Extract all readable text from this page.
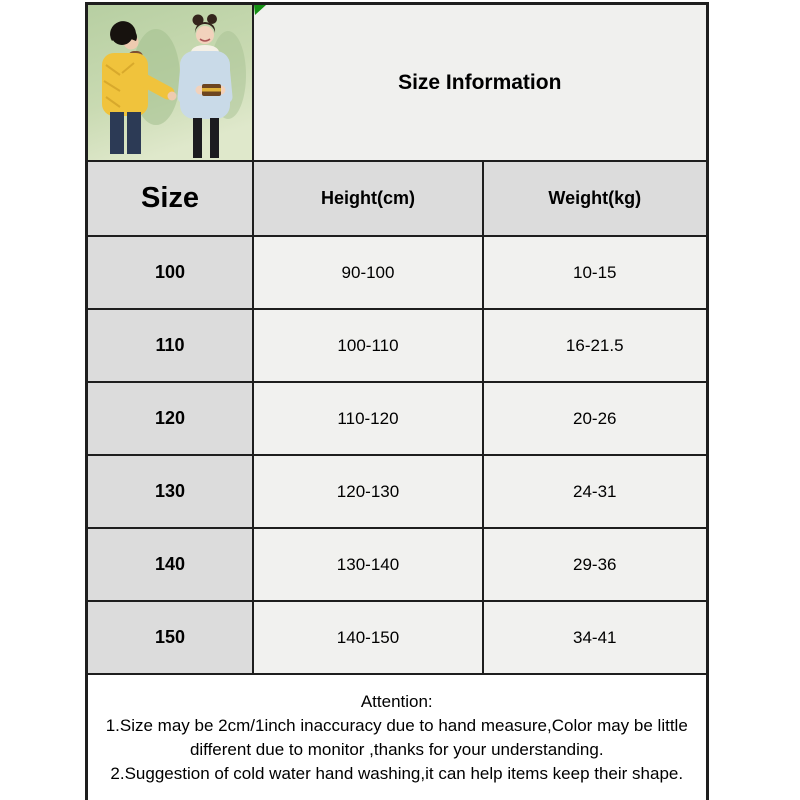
Size Information	
Size	Height(cm)	Weight(kg)
100	90-100	10-15
110	100-110	16-21.5
120	110-120	20-26
130	120-130	24-31
140	130-140	29-36
150	140-150	34-41

Attention:
1.Size may be 2cm/1inch inaccuracy due to hand measure,Color may be little different due to monitor ,thanks for your understanding.
2.Suggestion of cold water hand washing,it can help items keep their shape.		
